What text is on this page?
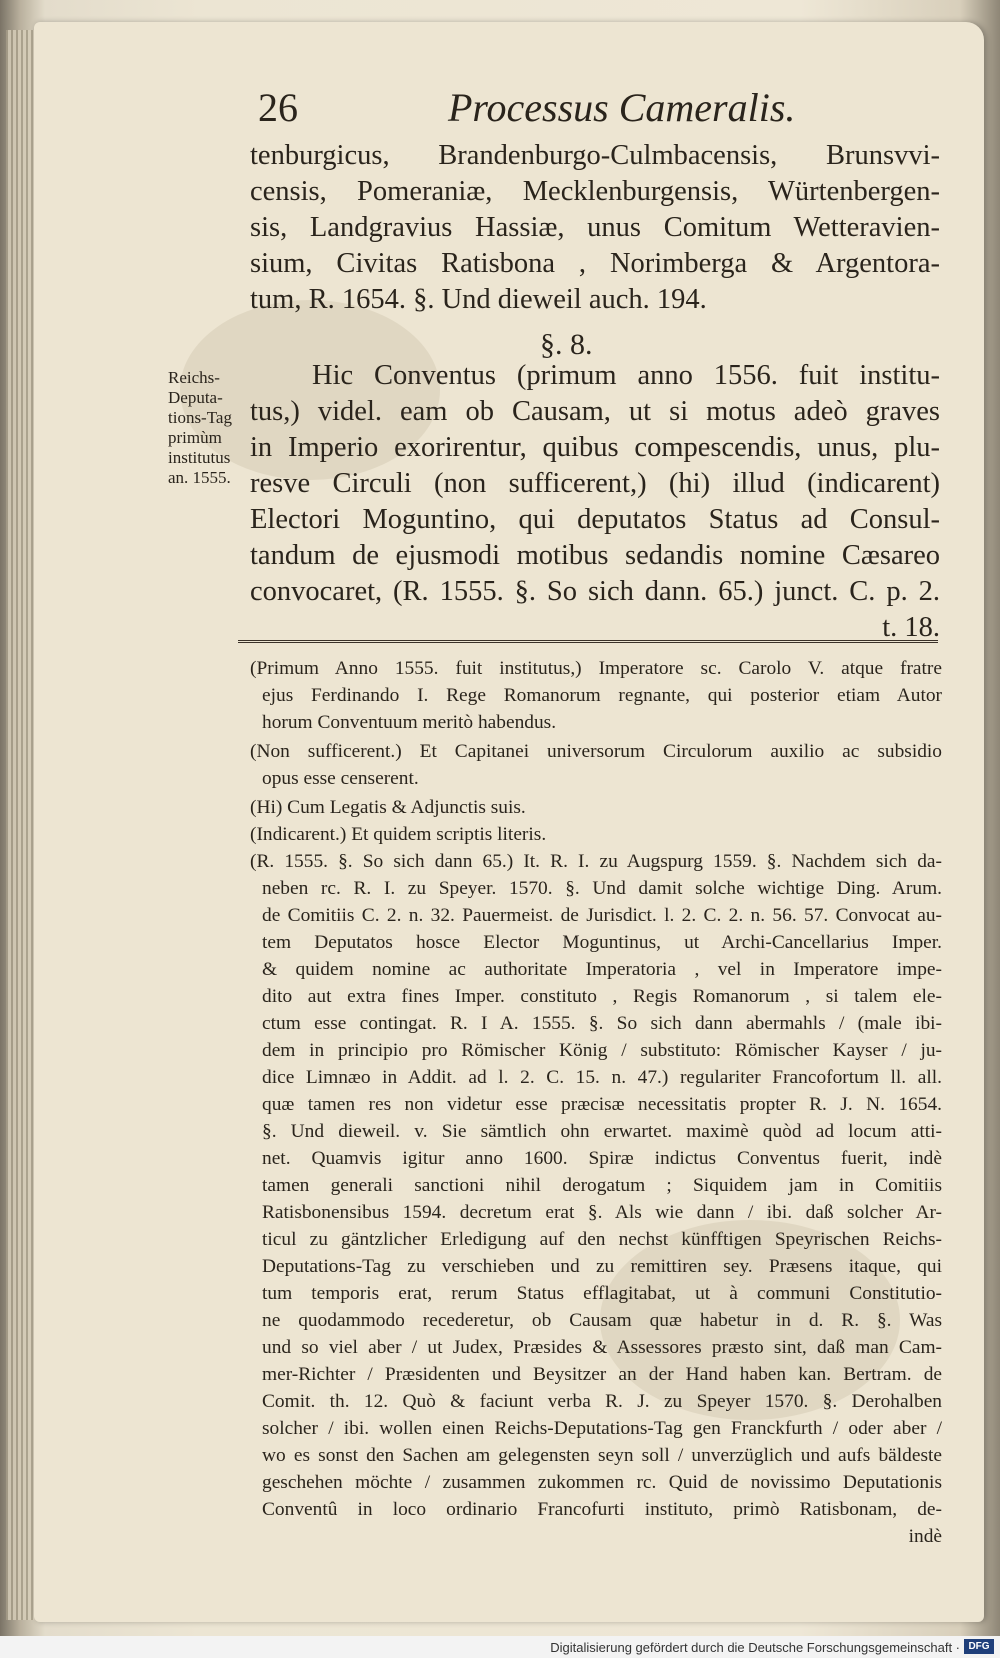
26	Processus Cameralis.
tenburgicus, Brandenburgo-Culmbacensis, Brunsvvi-
censis, Pomeraniæ, Mecklenburgensis, Würtenbergen-
sis, Landgravius Hassiæ, unus Comitum Wetteravien-
sium, Civitas Ratisbona , Norimberga & Argentora-
tum, R. 1654. §. Und dieweil auch. 194.
§. 8.
Reichs-
Deputa-
tions-Tag
primùm
institutus
an. 1555.
Hic Conventus (primum anno 1556. fuit institu-
tus,) videl. eam ob Causam, ut si motus adeò graves
in Imperio exorirentur, quibus compescendis, unus, plu-
resve Circuli (non sufficerent,) (hi) illud (indicarent)
Electori Moguntino, qui deputatos Status ad Consul-
tandum de ejusmodi motibus sedandis nomine Cæsareo
convocaret, (R. 1555. §. So sich dann. 65.) junct. C. p. 2.
t. 18.
(Primum Anno 1555. fuit institutus,) Imperatore sc. Carolo V. atque fratre
ejus Ferdinando I. Rege Romanorum regnante, qui posterior etiam Autor
horum Conventuum meritò habendus.
(Non sufficerent.) Et Capitanei universorum Circulorum auxilio ac subsidio
opus esse censerent.
(Hi) Cum Legatis & Adjunctis suis.
(Indicarent.) Et quidem scriptis literis.
(R. 1555. §. So sich dann 65.) It. R. I. zu Augspurg 1559. §. Nachdem sich da-
neben rc. R. I. zu Speyer. 1570. §. Und damit solche wichtige Ding. Arum.
de Comitiis C. 2. n. 32. Pauermeist. de Jurisdict. l. 2. C. 2. n. 56. 57. Convocat au-
tem Deputatos hosce Elector Moguntinus, ut Archi-Cancellarius Imper.
& quidem nomine ac authoritate Imperatoria , vel in Imperatore impe-
dito aut extra fines Imper. constituto , Regis Romanorum , si talem ele-
ctum esse contingat. R. I A. 1555. §. So sich dann abermahls / (male ibi-
dem in principio pro Römischer König / substituto: Römischer Kayser / ju-
dice Limnæo in Addit. ad l. 2. C. 15. n. 47.) regulariter Francofortum ll. all.
quæ tamen res non videtur esse præcisæ necessitatis propter R. J. N. 1654.
§. Und dieweil. v. Sie sämtlich ohn erwartet. maximè quòd ad locum atti-
net. Quamvis igitur anno 1600. Spiræ indictus Conventus fuerit, indè
tamen generali sanctioni nihil derogatum ; Siquidem jam in Comitiis
Ratisbonensibus 1594. decretum erat §. Als wie dann / ibi. daß solcher Ar-
ticul zu gäntzlicher Erledigung auf den nechst künfftigen Speyrischen Reichs-
Deputations-Tag zu verschieben und zu remittiren sey. Præsens itaque, qui
tum temporis erat, rerum Status efflagitabat, ut à communi Constitutio-
ne quodammodo recederetur, ob Causam quæ habetur in d. R. §. Was
und so viel aber / ut Judex, Præsides & Assessores præsto sint, daß man Cam-
mer-Richter / Præsidenten und Beysitzer an der Hand haben kan. Bertram. de
Comit. th. 12. Quò & faciunt verba R. J. zu Speyer 1570. §. Derohalben
solcher / ibi. wollen einen Reichs-Deputations-Tag gen Franckfurth / oder aber /
wo es sonst den Sachen am gelegensten seyn soll / unverzüglich und aufs bäldeste
geschehen möchte / zusammen zukommen rc. Quid de novissimo Deputationis
Conventû in loco ordinario Francofurti instituto, primò Ratisbonam, de-
indè
Digitalisierung gefördert durch die Deutsche Forschungsgemeinschaft · DFG
